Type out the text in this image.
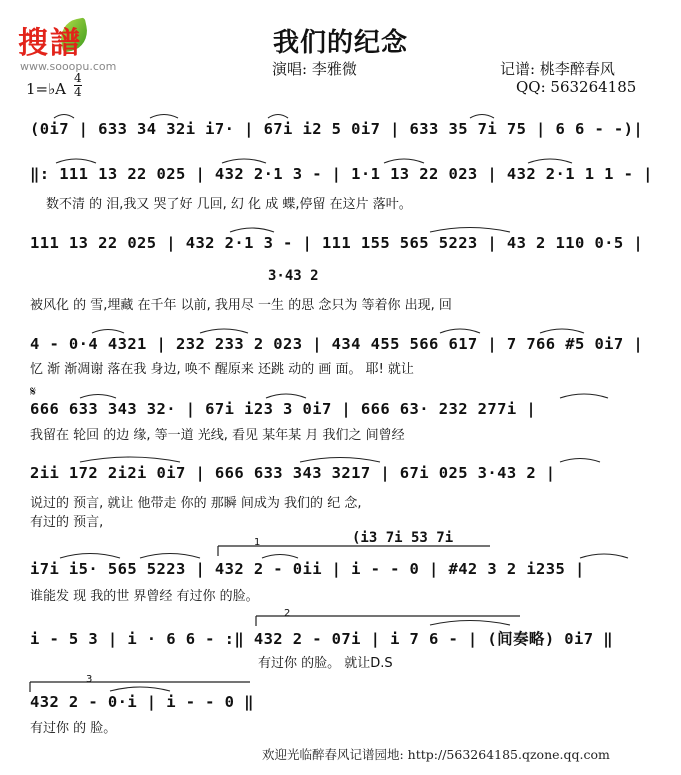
搜譜
www.sooopu.com
我们的纪念
演唱: 李雅微	记谱: 桃李醉春风
QQ: 563264185
1=♭A
4
4
(0i7 | 633 34 32i i7· | 67i i2 5 0i7 | 633 35 7i 75 | 6 6 - -)|
‖: 111 13 22 025 | 432 2·1 3 - | 1·1 13 22 023 | 432 2·1 1 1 - |
数不清 的 泪,我又 哭了好 几回, 幻 化 成 蝶,停留 在这片 落叶。
111 13 22 025 | 432 2·1 3 - | 111 155 565 5223 | 43 2 110 0·5 |
3·43 2
被风化 的 雪,埋藏 在千年 以前, 我用尽 一生 的思 念只为 等着你 出现, 回
4 - 0·4 4321 | 232 233 2 023 | 434 455 566 617 | 7 766 #5 0i7 |
忆 渐 渐凋谢 落在我 身边, 唤不 醒原来 还跳 动的 画 面。 耶! 就让
𝄋
666 633 343 32· | 67i i23 3 0i7 | 666 63· 232 277i |
我留在 轮回 的边 缘, 等一道 光线, 看见 某年某 月 我们之 间曾经
2ii 172 2i2i 0i7 | 666 633 343 3217 | 67i 025 3·43 2 |
说过的 预言, 就让 他带走 你的 那瞬 间成为 我们的 纪 念,
有过的 预言,
(i3 7i 53 7i
1
i7i i5· 565 5223 | 432 2 - 0ii | i - - 0 | #42 3 2 i235 |
谁能发 现 我的世 界曾经 有过你 的脸。
2
i - 5 3 | i · 6 6 - :‖ 432 2 - 07i | i 7 6 - | (间奏略) 0i7 ‖
有过你 的脸。 就让D.S
3
432 2 - 0·i | i - - 0 ‖
有过你 的 脸。
欢迎光临醉春风记谱园地: http://563264185.qzone.qq.com
